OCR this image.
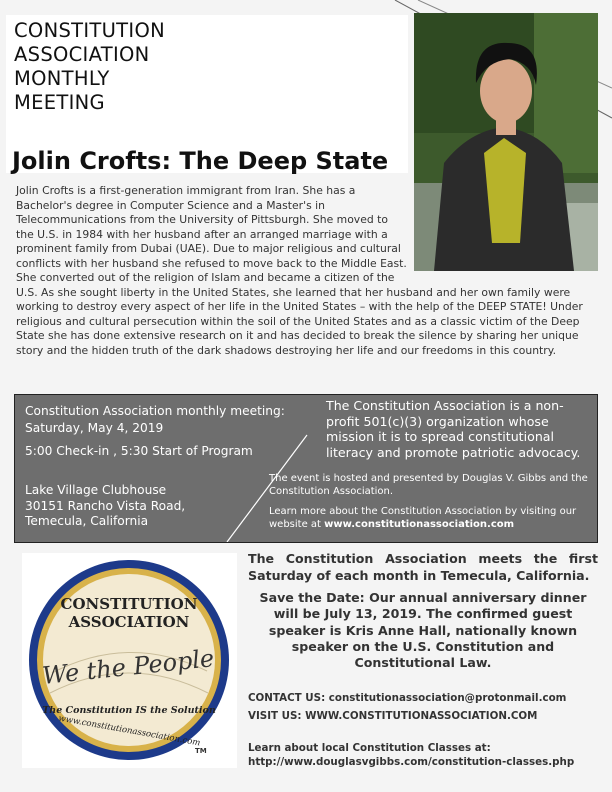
CONSTITUTION
ASSOCIATION
MONTHLY
MEETING
Jolin Crofts: The Deep State

Jolin Crofts is a first-generation immigrant from Iran. She has a Bachelor's degree in Computer Science and a Master's in Telecommunications from the University of Pittsburgh. She moved to the U.S. in 1984 with her husband after an arranged marriage with a prominent family from Dubai (UAE). Due to major religious and cultural conflicts with her husband she refused to move back to the Middle East. She converted out of the religion of Islam and became a citizen of the U.S. As she sought liberty in the United States, she learned that her husband and her own family were working to destroy every aspect of her life in the United States – with the help of the DEEP STATE! Under religious and cultural persecution within the soil of the United States and as a classic victim of the Deep State she has done extensive research on it and has decided to break the silence by sharing her unique story and the hidden truth of the dark shadows destroying her life and our freedoms in this country.

Constitution Association monthly meeting:
Saturday, May 4, 2019
5:00 Check-in , 5:30 Start of Program
Lake Village Clubhouse
30151 Rancho Vista Road,
Temecula, California
The Constitution Association is a non-profit 501(c)(3) organization whose mission it is to spread constitutional literacy and promote patriotic advocacy.

The event is hosted and presented by Douglas V. Gibbs and the Constitution Association.

Learn more about the Constitution Association by visiting our website at www.constitutionassociation.com

CONSTITUTION
ASSOCIATION
We the People
The Constitution IS the Solution
www.constitutionassociation.com
TM
The Constitution Association meets the first Saturday of each month in Temecula, California.
Save the Date: Our annual anniversary dinner will be July 13, 2019. The confirmed guest speaker is Kris Anne Hall, nationally known speaker on the U.S. Constitution and Constitutional Law.
CONTACT US: constitutionassociation@protonmail.com
VISIT US: WWW.CONSTITUTIONASSOCIATION.COM
Learn about local Constitution Classes at:
http://www.douglasvgibbs.com/constitution-classes.php
